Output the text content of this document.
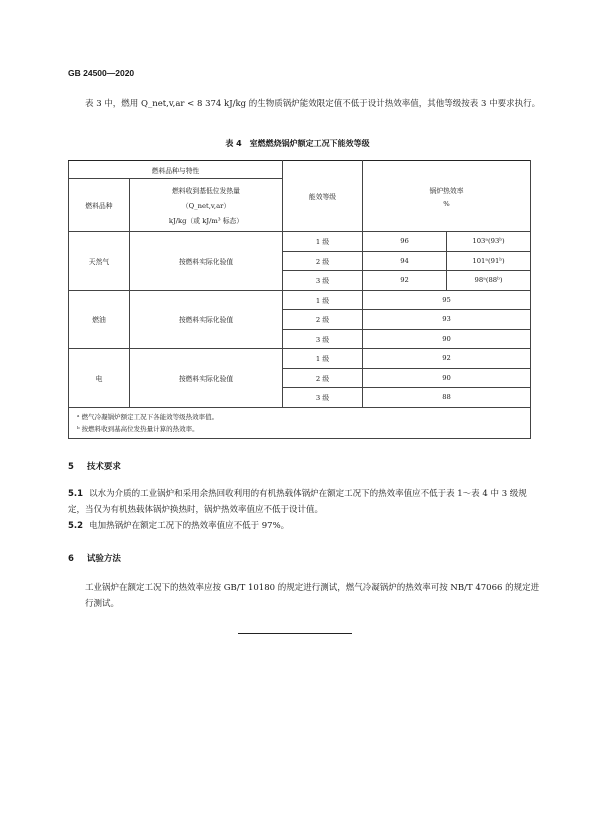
GB 24500—2020
表 3 中，燃用 Q_net,v,ar < 8 374 kJ/kg 的生物质锅炉能效限定值不低于设计热效率值，其他等级按表 3 中要求执行。
表 4　室燃燃烧锅炉额定工况下能效等级
燃料品种与特性		能效等级	锅炉热效率
%	

燃料品种	燃料收到基低位发热量
（Q_net,v,ar）
kJ/kg（或 kJ/m³ 标态）			

天然气	按燃料实际化验值	1 级	96	103ᵃ(93ᵇ)
		2 级	94	101ᵃ(91ᵇ)
		3 级	92	98ᵃ(88ᵇ)
燃油	按燃料实际化验值	1 级	95	
		2 级	93	
		3 级	90	
电	按燃料实际化验值	1 级	92	
		2 级	90	
		3 级	88	

ᵃ 燃气冷凝锅炉额定工况下各能效等级热效率值。
ᵇ 按燃料收到基高位发热量计算的热效率。				
5 技术要求
5.1 以水为介质的工业锅炉和采用余热回收利用的有机热载体锅炉在额定工况下的热效率值应不低于表 1～表 4 中 3 级规定，当仅为有机热载体锅炉换热时，锅炉热效率值应不低于设计值。
5.2 电加热锅炉在额定工况下的热效率值应不低于 97%。
6 试验方法
工业锅炉在额定工况下的热效率应按 GB/T 10180 的规定进行测试，燃气冷凝锅炉的热效率可按 NB/T 47066 的规定进行测试。
